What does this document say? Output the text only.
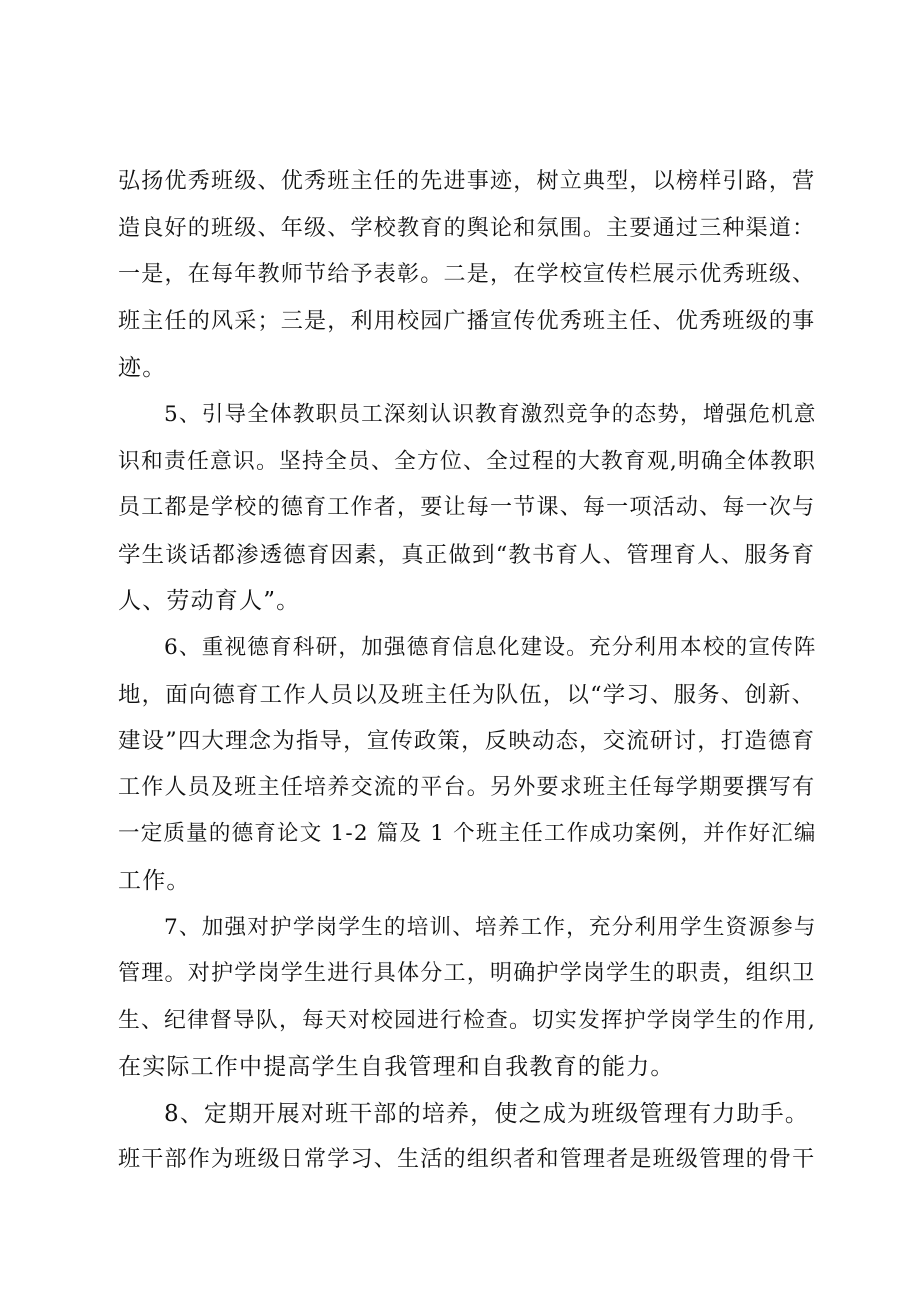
弘扬优秀班级、优秀班主任的先进事迹，树立典型，以榜样引路，营
造良好的班级、年级、学校教育的舆论和氛围。主要通过三种渠道：
一是，在每年教师节给予表彰。二是，在学校宣传栏展示优秀班级、
班主任的风采；三是，利用校园广播宣传优秀班主任、优秀班级的事
迹。
5、引导全体教职员工深刻认识教育激烈竞争的态势，增强危机意
识和责任意识。坚持全员、全方位、全过程的大教育观,明确全体教职
员工都是学校的德育工作者，要让每一节课、每一项活动、每一次与
学生谈话都渗透德育因素，真正做到“教书育人、管理育人、服务育
人、劳动育人”。
6、重视德育科研，加强德育信息化建设。充分利用本校的宣传阵
地，面向德育工作人员以及班主任为队伍，以“学习、服务、创新、
建设”四大理念为指导，宣传政策，反映动态，交流研讨，打造德育
工作人员及班主任培养交流的平台。另外要求班主任每学期要撰写有
一定质量的德育论文 1-2 篇及 1 个班主任工作成功案例，并作好汇编
工作。
7、加强对护学岗学生的培训、培养工作，充分利用学生资源参与
管理。对护学岗学生进行具体分工，明确护学岗学生的职责，组织卫
生、纪律督导队，每天对校园进行检查。切实发挥护学岗学生的作用,
在实际工作中提高学生自我管理和自我教育的能力。
8、定期开展对班干部的培养，使之成为班级管理有力助手。
班干部作为班级日常学习、生活的组织者和管理者是班级管理的骨干
